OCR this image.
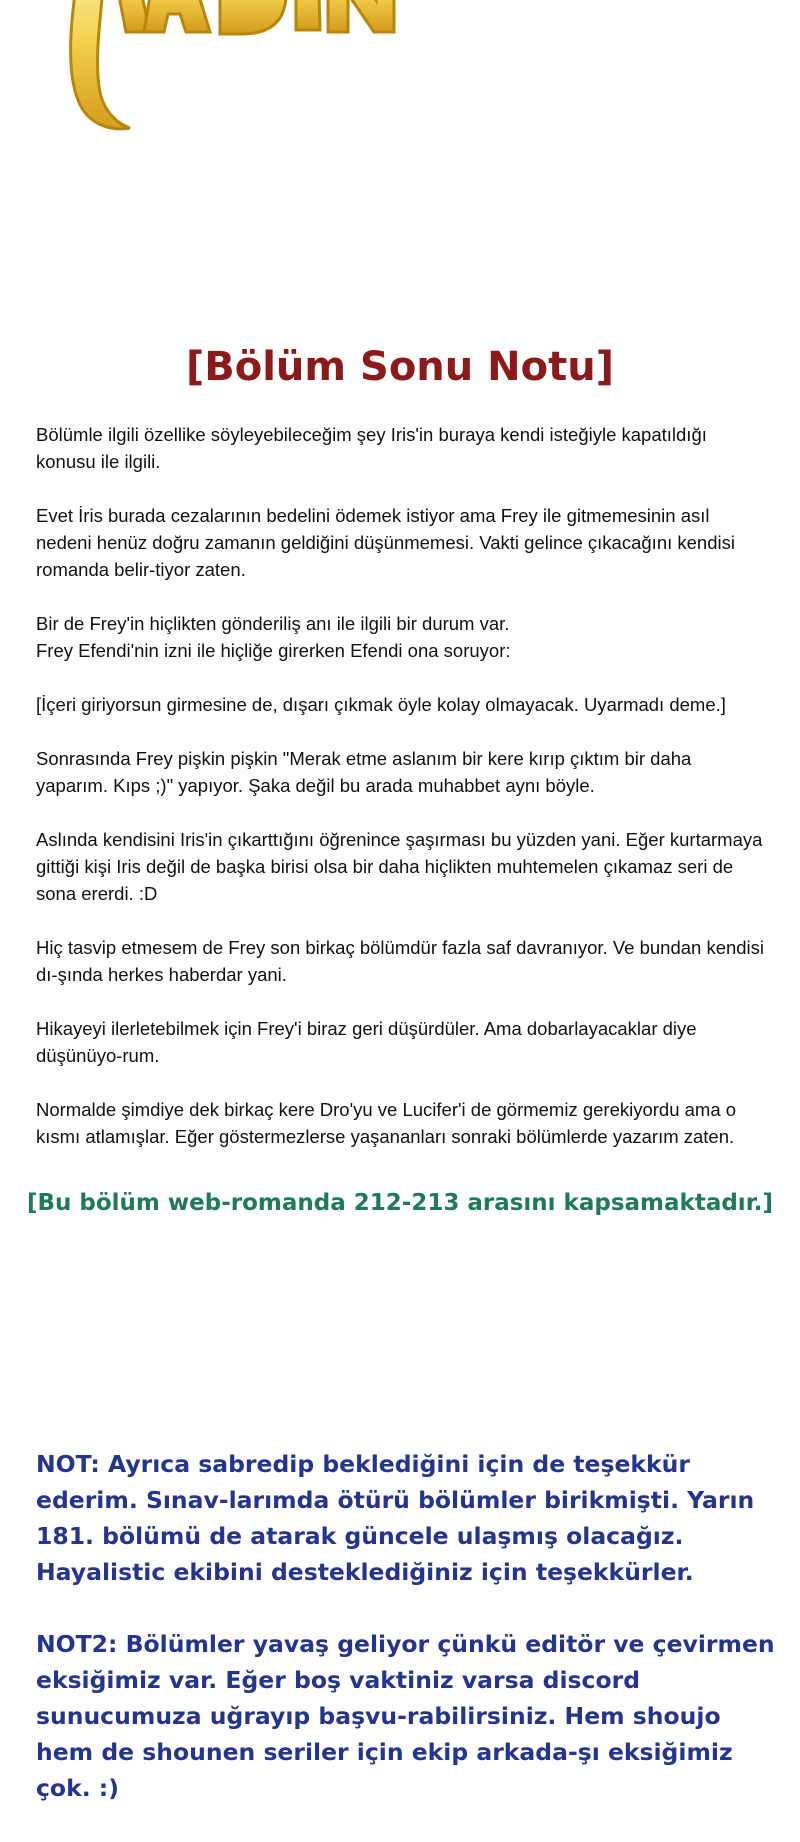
[Bölüm Sonu Notu]

Bölümle ilgili özellike söyleyebileceğim şey Iris'in buraya kendi isteğiyle kapatıldığı konusu ile ilgili.

Evet İris burada cezalarının bedelini ödemek istiyor ama Frey ile gitmemesinin asıl nedeni henüz doğru zamanın geldiğini düşünmemesi. Vakti gelince çıkacağını kendisi romanda belir-tiyor zaten.

Bir de Frey'in hiçlikten gönderiliş anı ile ilgili bir durum var.
Frey Efendi'nin izni ile hiçliğe girerken Efendi ona soruyor:

[İçeri giriyorsun girmesine de, dışarı çıkmak öyle kolay olmayacak. Uyarmadı deme.]

Sonrasında Frey pişkin pişkin "Merak etme aslanım bir kere kırıp çıktım bir daha yaparım. Kıps ;)" yapıyor. Şaka değil bu arada muhabbet aynı böyle.

Aslında kendisini Iris'in çıkarttığını öğrenince şaşırması bu yüzden yani. Eğer kurtarmaya gittiği kişi Iris değil de başka birisi olsa bir daha hiçlikten muhtemelen çıkamaz seri de sona ererdi. :D

Hiç tasvip etmesem de Frey son birkaç bölümdür fazla saf davranıyor. Ve bundan kendisi dı-şında herkes haberdar yani.

Hikayeyi ilerletebilmek için Frey'i biraz geri düşürdüler. Ama dobarlayacaklar diye düşünüyo-rum.

Normalde şimdiye dek birkaç kere Dro'yu ve Lucifer'i de görmemiz gerekiyordu ama o kısmı atlamışlar. Eğer göstermezlerse yaşananları sonraki bölümlerde yazarım zaten.

[Bu bölüm web-romanda 212-213 arasını kapsamaktadır.]

NOT: Ayrıca sabredip beklediğini için de teşekkür ederim. Sınav-larımda ötürü bölümler birikmişti. Yarın 181. bölümü de atarak güncele ulaşmış olacağız. Hayalistic ekibini desteklediğiniz için teşekkürler.

NOT2: Bölümler yavaş geliyor çünkü editör ve çevirmen eksiğimiz var. Eğer boş vaktiniz varsa discord sunucumuza uğrayıp başvu-rabilirsiniz. Hem shoujo hem de shounen seriler için ekip arkada-şı eksiğimiz çok. :)
